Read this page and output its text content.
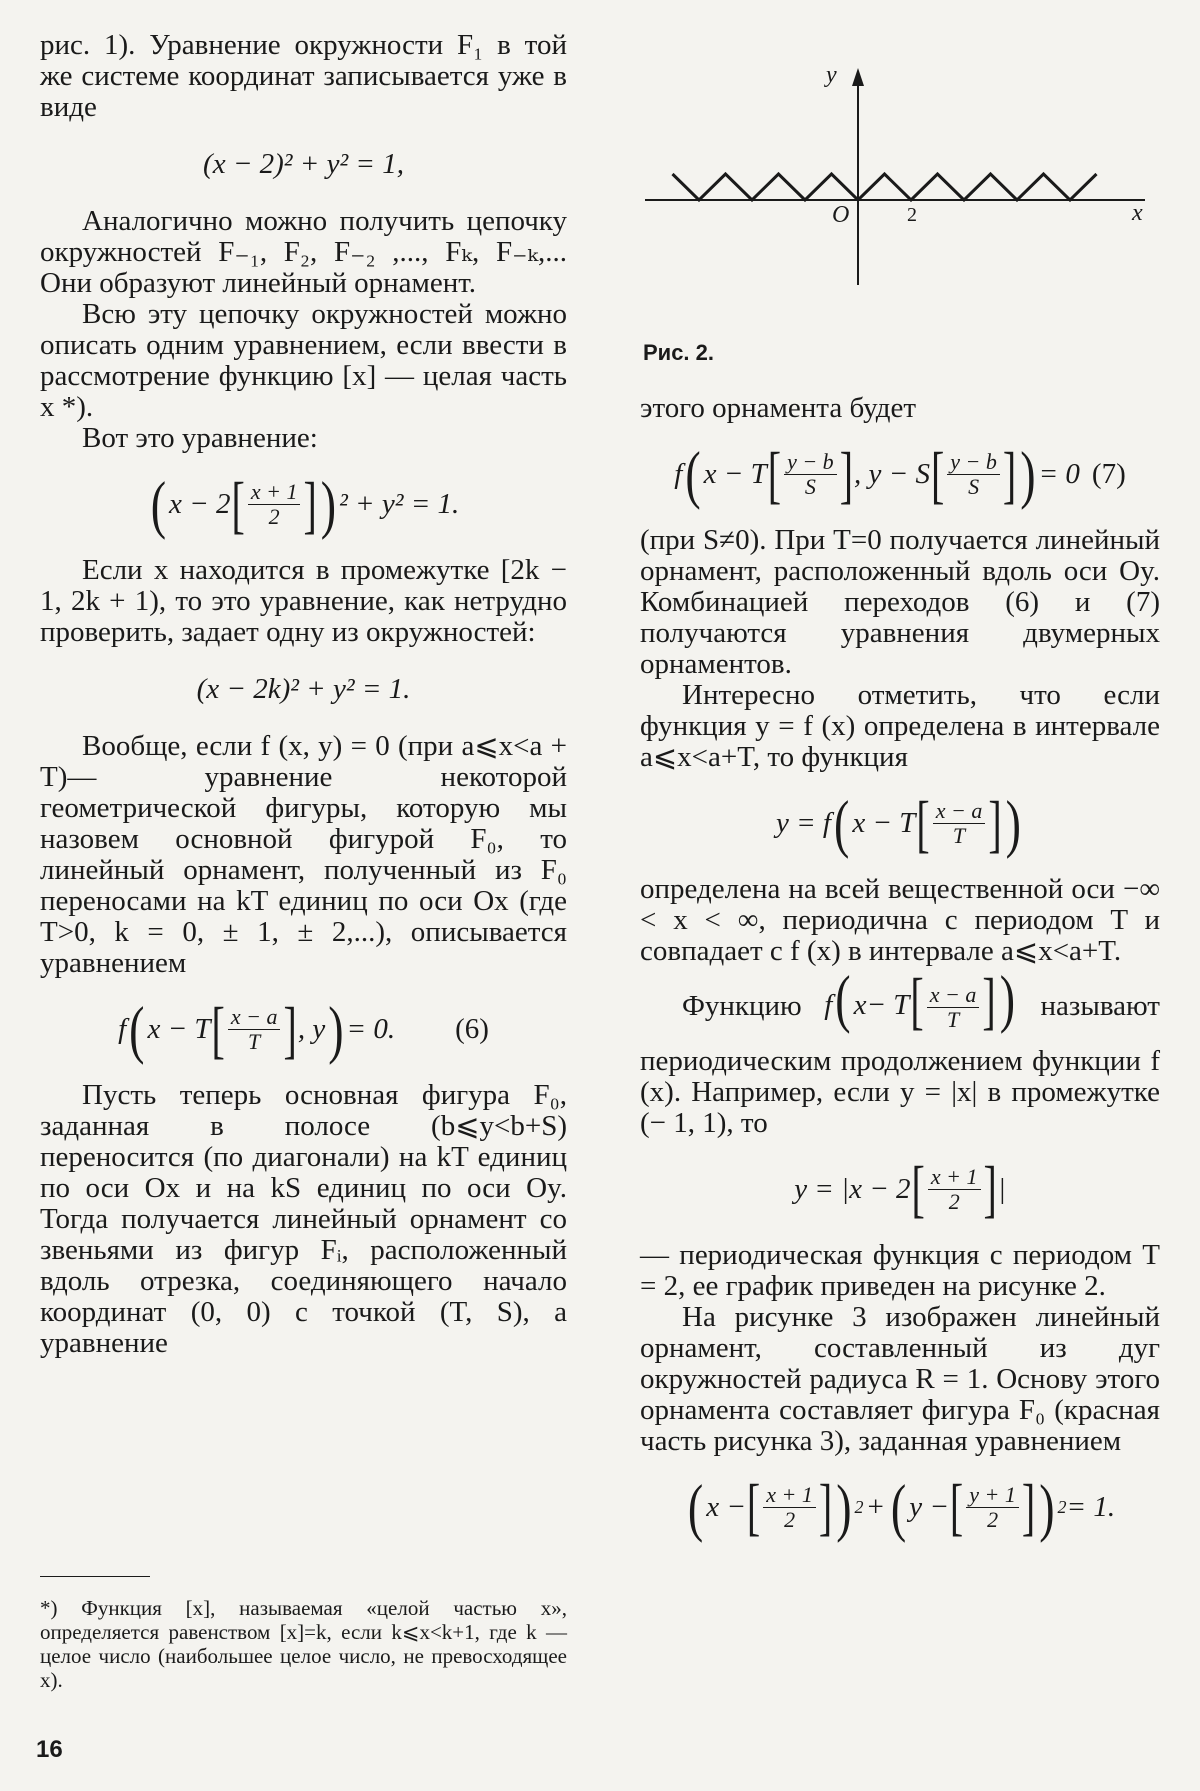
рис. 1). Уравнение окружности F₁ в той же системе координат записывается уже в виде

(x − 2)² + y² = 1,

Аналогично можно получить цепочку окружностей F₋₁, F₂, F₋₂ ,..., Fₖ, F₋ₖ,... Они образуют линейный орнамент.

Всю эту цепочку окружностей можно описать одним уравнением, если ввести в рассмотрение функцию [x] — целая часть x *).

Вот это уравнение:

( x − 2 [ $\frac{x + 1}{2}$ ] ) ² + y² = 1.

Если x находится в промежутке [2k − 1, 2k + 1), то это уравнение, как нетрудно проверить, задает одну из окружностей:

(x − 2k)² + y² = 1.

Вообще, если f (x, y) = 0 (при a⩽x<a + T)— уравнение некоторой геометрической фигуры, которую мы назовем основной фигурой F₀, то линейный орнамент, полученный из F₀ переносами на kT единиц по оси Ox (где T>0, k = 0, ± 1, ± 2,...), описывается уравнением

f ( x − T [ $\frac{x - a}{T}$ ] , y ) = 0. (6)

Пусть теперь основная фигура F₀, заданная в полосе (b⩽y<b+S) переносится (по диагонали) на kT единиц по оси Ox и на kS единиц по оси Oy. Тогда получается линейный орнамент со звеньями из фигур Fᵢ, расположенный вдоль отрезка, соединяющего начало координат (0, 0) с точкой (T, S), а уравнение

*) Функция [x], называемая «целой частью x», определяется равенством [x]=k, если k⩽x<k+1, где k — целое число (наибольшее целое число, не превосходящее x).
16
y
x
O	2
Рис. 2.

этого орнамента будет

f ( x − T [ $\frac{y - b}{S}$ ] , y − S [ $\frac{y - b}{S}$ ] ) = 0 (7)

(при S≠0). При T=0 получается линейный орнамент, расположенный вдоль оси Oy. Комбинацией переходов (6) и (7) получаются уравнения двумерных орнаментов.

Интересно отметить, что если функция y = f (x) определена в интервале a⩽x<a+T, то функция

y = f ( x − T [ $\frac{x - a}{T}$ ] )

определена на всей вещественной оси −∞ < x < ∞, периодична с периодом T и совпадает с f (x) в интервале a⩽x<a+T.

Функцию f( $x- T[ \frac{x - a}{T}$ ]) называют

периодическим продолжением функции f (x). Например, если y = |x| в промежутке (− 1, 1), то

y = |x − 2 [ $\frac{x + 1}{2}$ ] |

— периодическая функция с периодом T = 2, ее график приведен на рисунке 2.

На рисунке 3 изображен линейный орнамент, составленный из дуг окружностей радиуса R = 1. Основу этого орнамента составляет фигура F₀ (красная часть рисунка 3), заданная уравнением

( x − [ $\frac{x + 1}{2}$ ] ) 2 + ( y − [ $\frac{y + 1}{2}$ ] ) 2 = 1.
